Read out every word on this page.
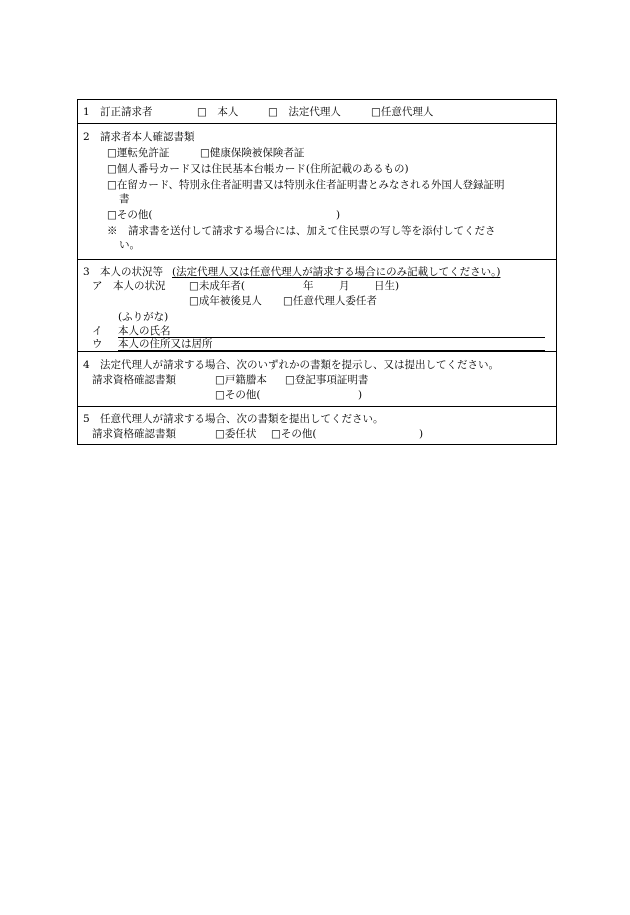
1 訂正請求者	□　本人	□　法定代理人	□任意代理人
2 請求者本人確認書類
□運転免許証	□健康保険被保険者証
□個人番号カード又は住民基本台帳カード(住所記載のあるもの)
□在留カード、特別永住者証明書又は特別永住者証明書とみなされる外国人登録証明
書
□その他(	)
※　請求書を送付して請求する場合には、加えて住民票の写し等を添付してくださ
い。
3 本人の状況等 (法定代理人又は任意代理人が請求する場合にのみ記載してください。)
ア　本人の状況 □未成年者(	年 月 日生)
□成年被後見人 □任意代理人委任者
(ふりがな)
イ 本人の氏名
ウ 本人の住所又は居所
4 法定代理人が請求する場合、次のいずれかの書類を提示し、又は提出してください。
請求資格確認書類	□戸籍謄本 □登記事項証明書
□その他(	)
5 任意代理人が請求する場合、次の書類を提出してください。
請求資格確認書類	□委任状 □その他(	)
